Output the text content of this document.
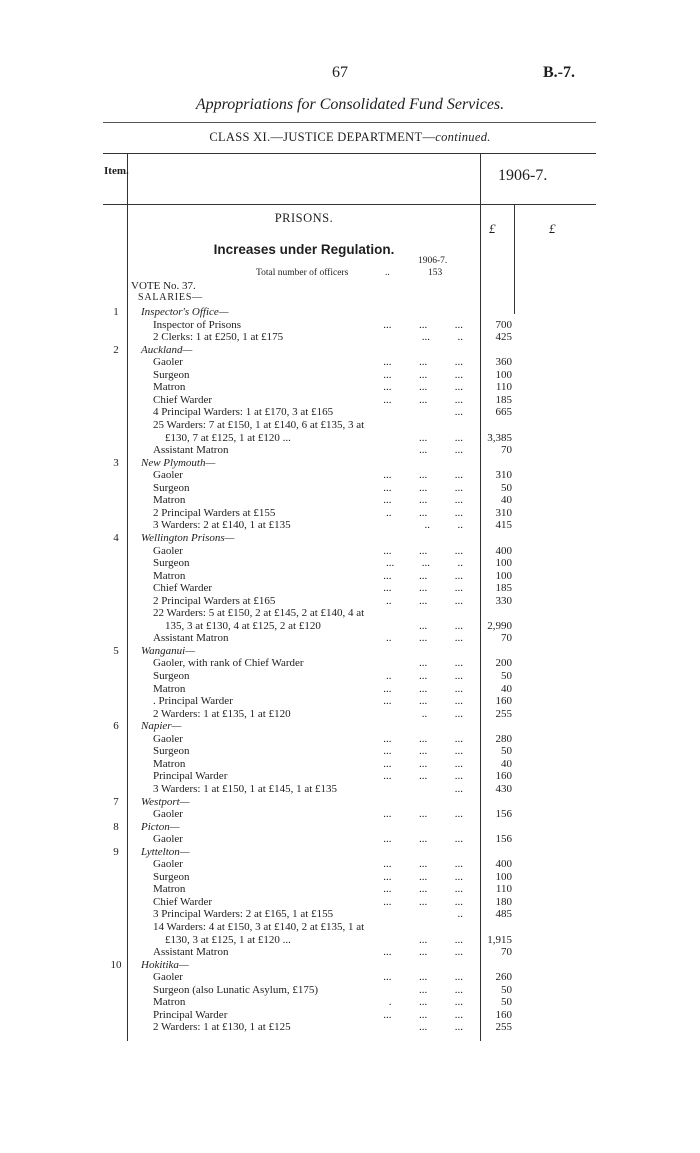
67	B.-7.
Appropriations for Consolidated Fund Services.
CLASS XI.—JUSTICE DEPARTMENT—continued.
Item.	1906-7.
£	£
PRISONS.
Increases under Regulation.
1906-7.
Total number of officers	..	153
VOTE No. 37.
SALARIES—
1	Inspector's Office—
Inspector of Prisons	...          ...          ...	700
2 Clerks: 1 at £250, 1 at £175	...          ..	425
2	Auckland—
Gaoler	...          ...          ...	360
Surgeon	...          ...          ...	100
Matron	...          ...          ...	110
Chief Warder	...          ...          ...	185
4 Principal Warders: 1 at £170, 3 at £165	...	665
25 Warders: 7 at £150, 1 at £140, 6 at £135, 3 at
£130, 7 at £125, 1 at £120 ...	...          ...	3,385
Assistant Matron	...          ...	70
3	New Plymouth—
Gaoler	...          ...          ...	310
Surgeon	...          ...          ...	50
Matron	...          ...          ...	40
2 Principal Warders at £155	..          ...          ...	310
3 Warders: 2 at £140, 1 at £135	..          ..	415
4	Wellington Prisons—
Gaoler	...          ...          ...	400
Surgeon	...          ...          ..	100
Matron	...          ...          ...	100
Chief Warder	...          ...          ...	185
2 Principal Warders at £165	..          ...          ...	330
22 Warders: 5 at £150, 2 at £145, 2 at £140, 4 at
135, 3 at £130, 4 at £125, 2 at £120	...          ...	2,990
Assistant Matron	..          ...          ...	70
5	Wanganui—
Gaoler, with rank of Chief Warder	...          ...	200
Surgeon	..          ...          ...	50
Matron	...          ...          ...	40
. Principal Warder	...          ...          ...	160
2 Warders: 1 at £135, 1 at £120	..          ...	255
6	Napier—
Gaoler	...          ...          ...	280
Surgeon	...          ...          ...	50
Matron	...          ...          ...	40
Principal Warder	...          ...          ...	160
3 Warders: 1 at £150, 1 at £145, 1 at £135	...	430
7	Westport—
Gaoler	...          ...          ...	156
8	Picton—
Gaoler	...          ...          ...	156
9	Lyttelton—
Gaoler	...          ...          ...	400
Surgeon	...          ...          ...	100
Matron	...          ...          ...	110
Chief Warder	...          ...          ...	180
3 Principal Warders: 2 at £165, 1 at £155	..	485
14 Warders: 4 at £150, 3 at £140, 2 at £135, 1 at
£130, 3 at £125, 1 at £120 ...	...          ...	1,915
Assistant Matron	...          ...          ...	70
10 Hokitika—
Gaoler	...          ...          ...	260
Surgeon (also Lunatic Asylum, £175)	...          ...	50
Matron	.          ...          ...	50
Principal Warder	...          ...          ...	160
2 Warders: 1 at £130, 1 at £125	...          ...	255
